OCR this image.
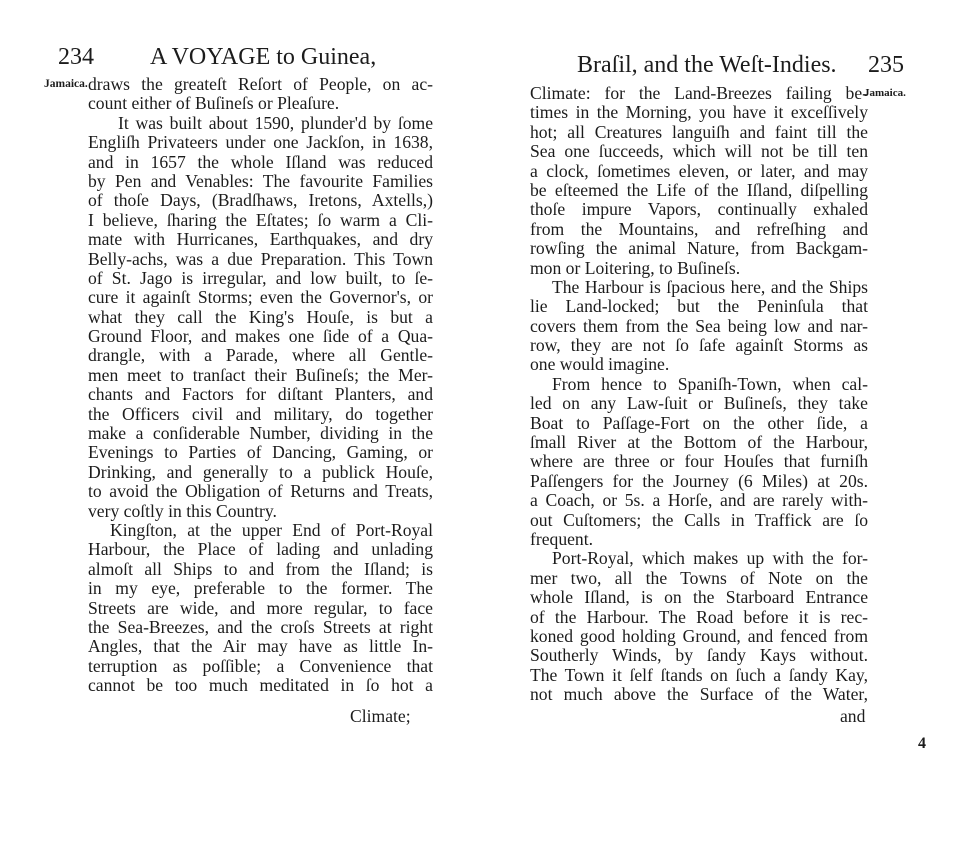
234 A VOYAGE to Guinea,
Jamaica. draws the greateſt Reſort of People, on ac-
count either of Buſineſs or Pleaſure.
It was built about 1590, plunder'd by ſome
Engliſh Privateers under one Jackſon, in 1638,
and in 1657 the whole Iſland was reduced
by Pen and Venables: The favourite Families
of thoſe Days, (Bradſhaws, Iretons, Axtells,)
I believe, ſharing the Eſtates; ſo warm a Cli-
mate with Hurricanes, Earthquakes, and dry
Belly-achs, was a due Preparation. This Town
of St. Jago is irregular, and low built, to ſe-
cure it againſt Storms; even the Governor's, or
what they call the King's Houſe, is but a
Ground Floor, and makes one ſide of a Qua-
drangle, with a Parade, where all Gentle-
men meet to tranſact their Buſineſs; the Mer-
chants and Factors for diſtant Planters, and
the Officers civil and military, do together
make a conſiderable Number, dividing in the
Evenings to Parties of Dancing, Gaming, or
Drinking, and generally to a publick Houſe,
to avoid the Obligation of Returns and Treats,
very coſtly in this Country.
Kingſton, at the upper End of Port-Royal
Harbour, the Place of lading and unlading
almoſt all Ships to and from the Iſland; is
in my eye, preferable to the former. The
Streets are wide, and more regular, to face
the Sea-Breezes, and the croſs Streets at right
Angles, that the Air may have as little In-
terruption as poſſible; a Convenience that
cannot be too much meditated in ſo hot a
Climate;
Braſil, and the Weſt-Indies. 235
Jamaica.
Climate: for the Land-Breezes failing be-
times in the Morning, you have it exceſſively
hot; all Creatures languiſh and faint till the
Sea one ſucceeds, which will not be till ten
a clock, ſometimes eleven, or later, and may
be eſteemed the Life of the Iſland, diſpelling
thoſe impure Vapors, continually exhaled
from the Mountains, and refreſhing and
rowſing the animal Nature, from Backgam-
mon or Loitering, to Buſineſs.
The Harbour is ſpacious here, and the Ships
lie Land-locked; but the Peninſula that
covers them from the Sea being low and nar-
row, they are not ſo ſafe againſt Storms as
one would imagine.
From hence to Spaniſh-Town, when cal-
led on any Law-ſuit or Buſineſs, they take
Boat to Paſſage-Fort on the other ſide, a
ſmall River at the Bottom of the Harbour,
where are three or four Houſes that furniſh
Paſſengers for the Journey (6 Miles) at 20s.
a Coach, or 5s. a Horſe, and are rarely with-
out Cuſtomers; the Calls in Traffick are ſo
frequent.
Port-Royal, which makes up with the for-
mer two, all the Towns of Note on the
whole Iſland, is on the Starboard Entrance
of the Harbour. The Road before it is rec-
koned good holding Ground, and fenced from
Southerly Winds, by ſandy Kays without.
The Town it ſelf ſtands on ſuch a ſandy Kay,
not much above the Surface of the Water,
and
4
